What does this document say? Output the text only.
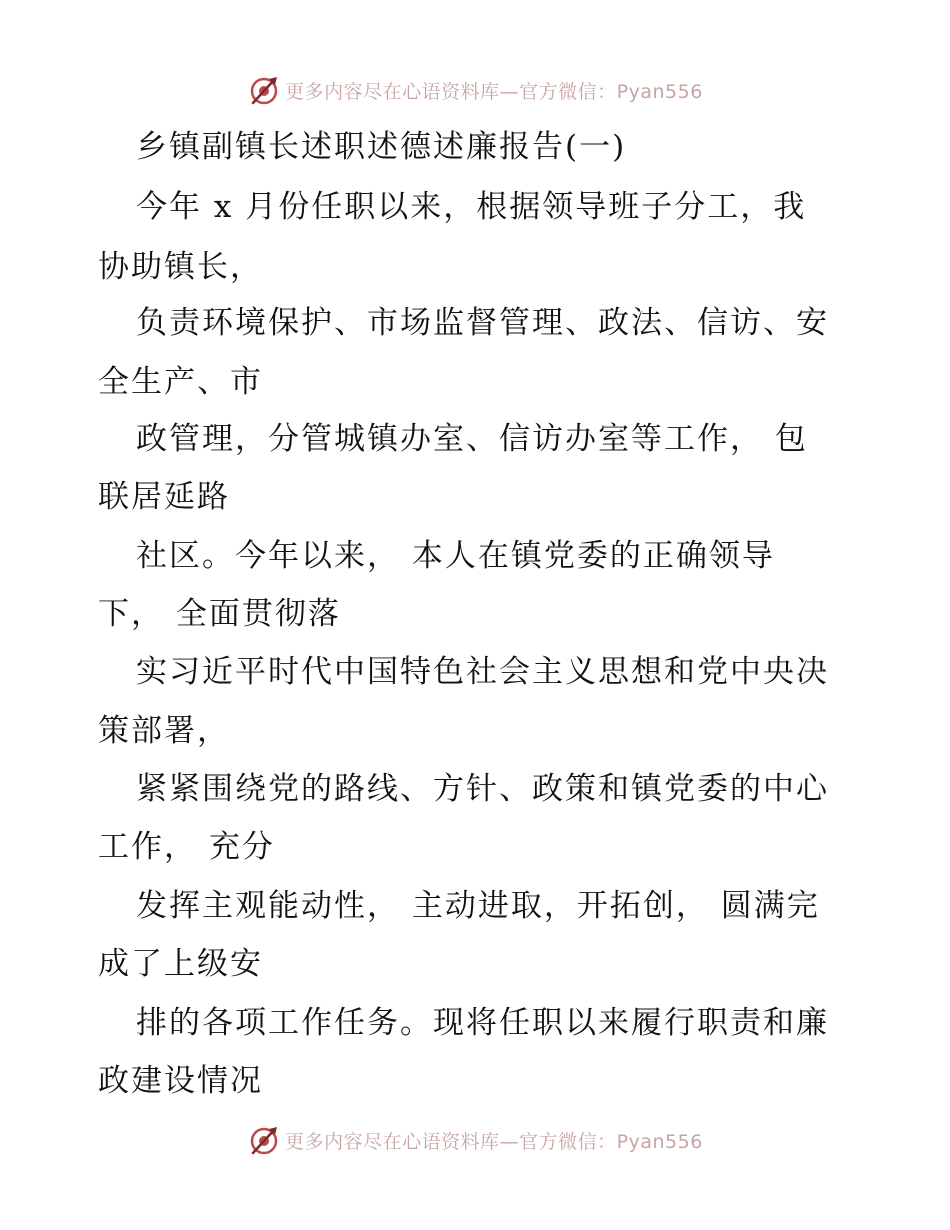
更多内容尽在心语资料库—官方微信：Pyan556
乡镇副镇长述职述德述廉报告(一)
今年 x 月份任职以来，根据领导班子分工，我
协助镇长，
负责环境保护、市场监督管理、政法、信访、安
全生产、市
政管理，分管城镇办室、信访办室等工作， 包
联居延路
社区。今年以来， 本人在镇党委的正确领导
下， 全面贯彻落
实习近平时代中国特色社会主义思想和党中央决
策部署，
紧紧围绕党的路线、方针、政策和镇党委的中心
工作， 充分
发挥主观能动性， 主动进取，开拓创， 圆满完
成了上级安
排的各项工作任务。现将任职以来履行职责和廉
政建设情况
更多内容尽在心语资料库—官方微信：Pyan556
